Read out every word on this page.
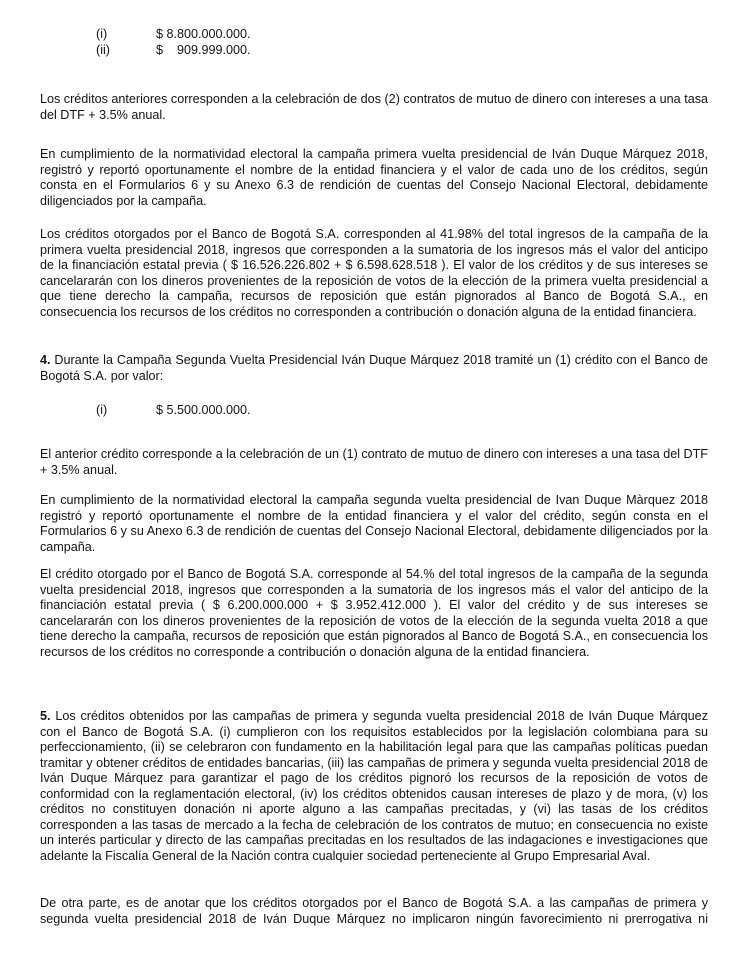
(i)	$ 8.800.000.000.
(ii)	$    909.999.000.

Los créditos anteriores corresponden a la celebración de dos (2) contratos de mutuo de dinero con intereses a una tasa del DTF + 3.5% anual.

En cumplimiento de la normatividad electoral la campaña primera vuelta presidencial de Iván Duque Márquez 2018, registró y reportó oportunamente el nombre de la entidad financiera y el valor de cada uno de los créditos, según consta en el Formularios 6 y su Anexo 6.3 de rendición de cuentas del Consejo Nacional Electoral, debidamente diligenciados por la campaña.

Los créditos otorgados por el Banco de Bogotá S.A. corresponden al 41.98% del total ingresos de la campaña de la primera vuelta presidencial 2018, ingresos que corresponden a la sumatoria de los ingresos más el valor del anticipo de la financiación estatal previa ( $ 16.526.226.802 + $ 6.598.628.518 ). El valor de los créditos y de sus intereses se cancelararán con los dineros provenientes de la reposición de votos de la elección de la primera vuelta presidencial a que tiene derecho la campaña, recursos de reposición que están pignorados al Banco de Bogotá S.A., en consecuencia los recursos de los créditos no corresponden a contribución o donación alguna de la entidad financiera.

4. Durante la Campaña Segunda Vuelta Presidencial Iván Duque Márquez 2018 tramité un (1) crédito con el Banco de Bogotá S.A. por valor:

(i)	$ 5.500.000.000.

El anterior crédito corresponde a la celebración de un (1) contrato de mutuo de dinero con intereses a una tasa del DTF + 3.5% anual.

En cumplimiento de la normatividad electoral la campaña segunda vuelta presidencial de Ivan Duque Màrquez 2018 registró y reportó oportunamente el nombre de la entidad financiera y el valor del crédito, según consta en el Formularios 6 y su Anexo 6.3 de rendición de cuentas del Consejo Nacional Electoral, debidamente diligenciados por la campaña.

El crédito otorgado por el Banco de Bogotá S.A. corresponde al 54.% del total ingresos de la campaña de la segunda vuelta presidencial 2018, ingresos que corresponden a la sumatoria de los ingresos más el valor del anticipo de la financiación estatal previa ( $ 6.200.000.000 + $ 3.952.412.000 ). El valor del crédito y de sus intereses se cancelararán con los dineros provenientes de la reposición de votos de la elección de la segunda vuelta 2018 a que tiene derecho la campaña, recursos de reposición que están pignorados al Banco de Bogotá S.A., en consecuencia los recursos de los créditos no corresponde a contribución o donación alguna de la entidad financiera.

5. Los créditos obtenidos por las campañas de primera y segunda vuelta presidencial 2018 de Iván Duque Márquez con el Banco de Bogotá S.A. (i) cumplieron con los requisitos establecidos por la legislación colombiana para su perfeccionamiento, (ii) se celebraron con fundamento en la habilitación legal para que las campañas políticas puedan tramitar y obtener créditos de entidades bancarias, (iii) las campañas de primera y segunda vuelta presidencial 2018 de Iván Duque Márquez para garantizar el pago de los créditos pignoró los recursos de la reposición de votos de conformidad con la reglamentación electoral, (iv) los créditos obtenidos causan intereses de plazo y de mora, (v) los créditos no constituyen donación ni aporte alguno a las campañas precitadas, y (vi) las tasas de los créditos corresponden a las tasas de mercado a la fecha de celebración de los contratos de mutuo; en consecuencia no existe un interés particular y directo de las campañas precitadas en los resultados de las indagaciones e investigaciones que adelante la Fiscalía General de la Nación contra cualquier sociedad perteneciente al Grupo Empresarial Aval.

De otra parte, es de anotar que los créditos otorgados por el Banco de Bogotá S.A. a las campañas de primera y segunda vuelta presidencial 2018 de Iván Duque Márquez no implicaron ningún favorecimiento ni prerrogativa ni
